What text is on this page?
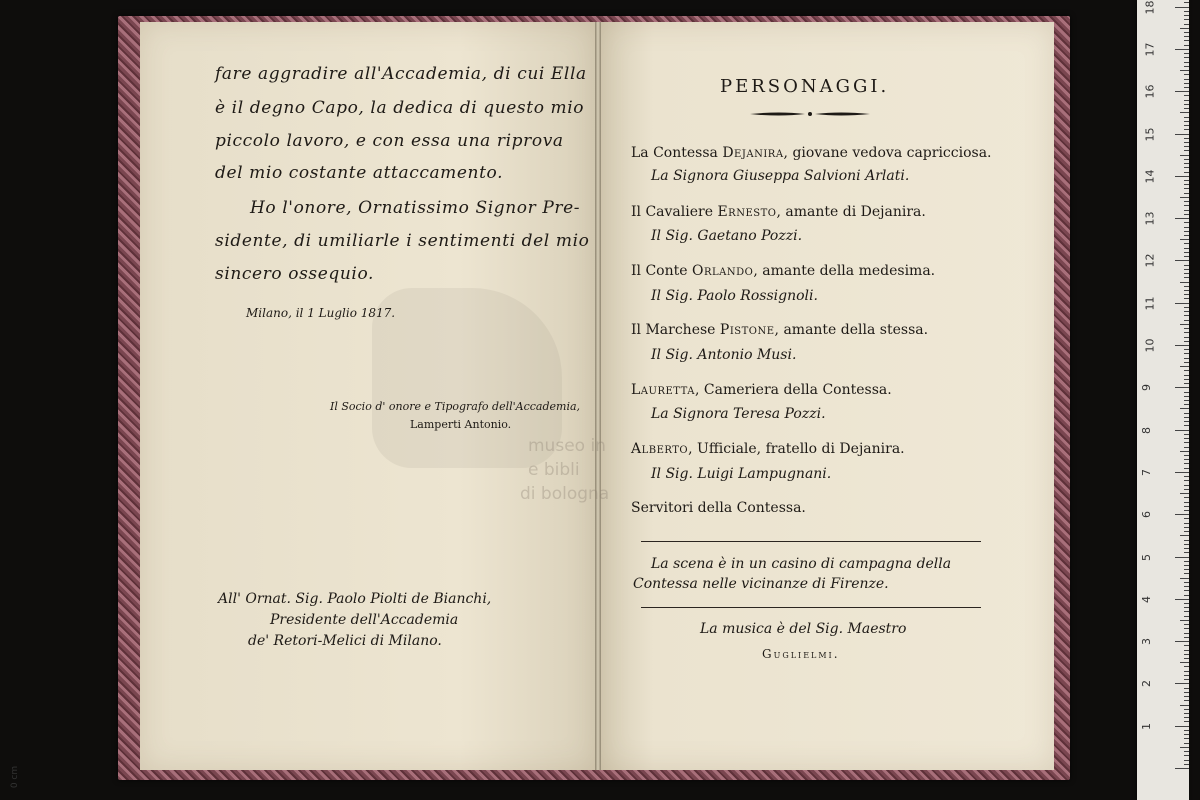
museo in
e bibli
di bologna
fare aggradire all'Accademia, di cui Ella
è il degno Capo, la dedica di questo mio
piccolo lavoro, e con essa una riprova
del mio costante attaccamento.
Ho l'onore, Ornatissimo Signor Pre-
sidente, di umiliarle i sentimenti del mio
sincero ossequio.
Milano, il 1 Luglio 1817.
Il Socio d' onore e Tipografo dell'Accademia,
Lamperti Antonio.
All' Ornat. Sig. Paolo Piolti de Bianchi,
Presidente dell'Accademia
de' Retori-Melici di Milano.
PERSONAGGI.
La Contessa Dejanira, giovane vedova capricciosa.
La Signora Giuseppa Salvioni Arlati.
Il Cavaliere Ernesto, amante di Dejanira.
Il Sig. Gaetano Pozzi.
Il Conte Orlando, amante della medesima.
Il Sig. Paolo Rossignoli.
Il Marchese Pistone, amante della stessa.
Il Sig. Antonio Musi.
Lauretta, Cameriera della Contessa.
La Signora Teresa Pozzi.
Alberto, Ufficiale, fratello di Dejanira.
Il Sig. Luigi Lampugnani.
Servitori della Contessa.
La scena è in un casino di campagna della
Contessa nelle vicinanze di Firenze.
La musica è del Sig. Maestro
Guglielmi.
0 cm
1
2
3
4
5
6
7
8
9
10
11
12
13
14
15
16
17
18
